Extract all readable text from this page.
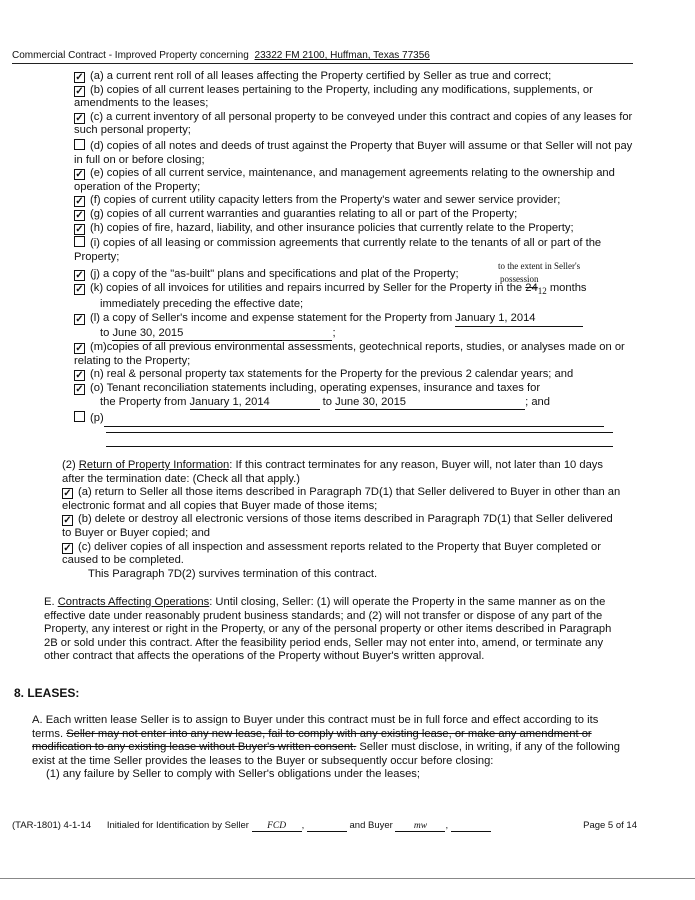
Commercial Contract - Improved Property concerning 23322 FM 2100, Huffman, Texas 77356
✓ (a) a current rent roll of all leases affecting the Property certified by Seller as true and correct;
✓ (b) copies of all current leases pertaining to the Property, including any modifications, supplements, or amendments to the leases;
✓ (c) a current inventory of all personal property to be conveyed under this contract and copies of any leases for such personal property;
(d) copies of all notes and deeds of trust against the Property that Buyer will assume or that Seller will not pay in full on or before closing;
✓ (e) copies of all current service, maintenance, and management agreements relating to the ownership and operation of the Property;
✓ (f) copies of current utility capacity letters from the Property's water and sewer service provider;
✓ (g) copies of all current warranties and guaranties relating to all or part of the Property;
✓ (h) copies of fire, hazard, liability, and other insurance policies that currently relate to the Property;
(i) copies of all leasing or commission agreements that currently relate to the tenants of all or part of the Property;
to the extent in Seller's
possession
✓ (j) a copy of the "as-built" plans and specifications and plat of the Property;
✓ (k) copies of all invoices for utilities and repairs incurred by Seller for the Property in the $24_{12}$ months
immediately preceding the effective date;
✓ (l) a copy of Seller's income and expense statement for the Property from January 1, 2014
to June 30, 2015	;
✓ (m)copies of all previous environmental assessments, geotechnical reports, studies, or analyses made on or relating to the Property;
✓ (n) real & personal property tax statements for the Property for the previous 2 calendar years; and
✓ (o) Tenant reconciliation statements including, operating expenses, insurance and taxes for
the Property from January 1, 2014	to June 30, 2015	; and
(p)
(2) Return of Property Information: If this contract terminates for any reason, Buyer will, not later than 10 days after the termination date: (Check all that apply.)
✓ (a) return to Seller all those items described in Paragraph 7D(1) that Seller delivered to Buyer in other than an electronic format and all copies that Buyer made of those items;
✓ (b) delete or destroy all electronic versions of those items described in Paragraph 7D(1) that Seller delivered to Buyer or Buyer copied; and
✓ (c) deliver copies of all inspection and assessment reports related to the Property that Buyer completed or caused to be completed.
This Paragraph 7D(2) survives termination of this contract.
E. Contracts Affecting Operations: Until closing, Seller: (1) will operate the Property in the same manner as on the effective date under reasonably prudent business standards; and (2) will not transfer or dispose of any part of the Property, any interest or right in the Property, or any of the personal property or other items described in Paragraph 2B or sold under this contract. After the feasibility period ends, Seller may not enter into, amend, or terminate any other contract that affects the operations of the Property without Buyer's written approval.
8. LEASES:
A. Each written lease Seller is to assign to Buyer under this contract must be in full force and effect according to its terms. Seller may not enter into any new lease, fail to comply with any existing lease, or make any amendment or modification to any existing lease without Buyer's written consent. Seller must disclose, in writing, if any of the following exist at the time Seller provides the leases to the Buyer or subsequently occur before closing:
(1) any failure by Seller to comply with Seller's obligations under the leases;
(TAR-1801) 4-1-14 Initialed for Identification by Seller FCD ,	and Buyer mw ,	Page 5 of 14
